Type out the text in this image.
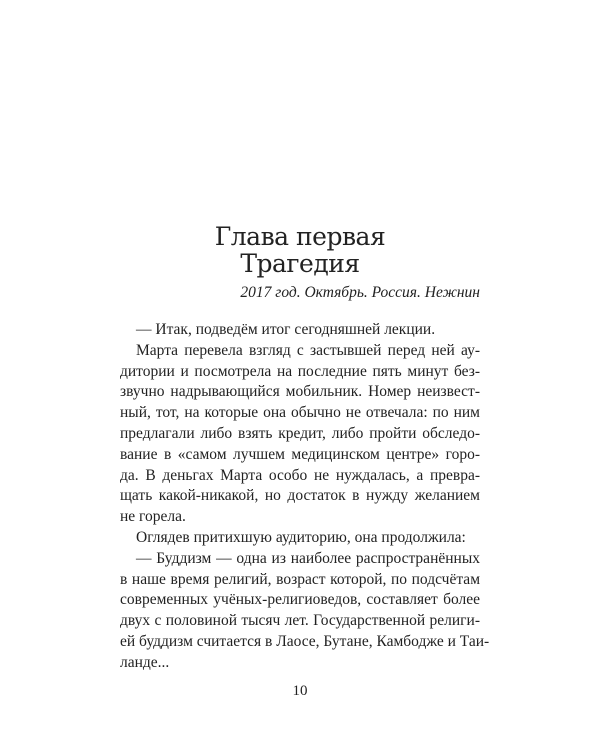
Глава первая
Трагедия
2017 год. Октябрь. Россия. Нежнин
— Итак, подведём итог сегодняшней лекции.
Марта перевела взгляд с застывшей перед ней ау-
дитории и посмотрела на последние пять минут без-
звучно надрывающийся мобильник. Номер неизвест-
ный, тот, на которые она обычно не отвечала: по ним
предлагали либо взять кредит, либо пройти обследо-
вание в «самом лучшем медицинском центре» горо-
да. В деньгах Марта особо не нуждалась, а превра-
щать какой-никакой, но достаток в нужду желанием
не горела.
Оглядев притихшую аудиторию, она продолжила:
— Буддизм — одна из наиболее распространённых
в наше время религий, возраст которой, по подсчётам
современных учёных-религиоведов, составляет более
двух с половиной тысяч лет. Государственной религи-
ей буддизм считается в Лаосе, Бутане, Камбодже и Таи-
ланде...
10
